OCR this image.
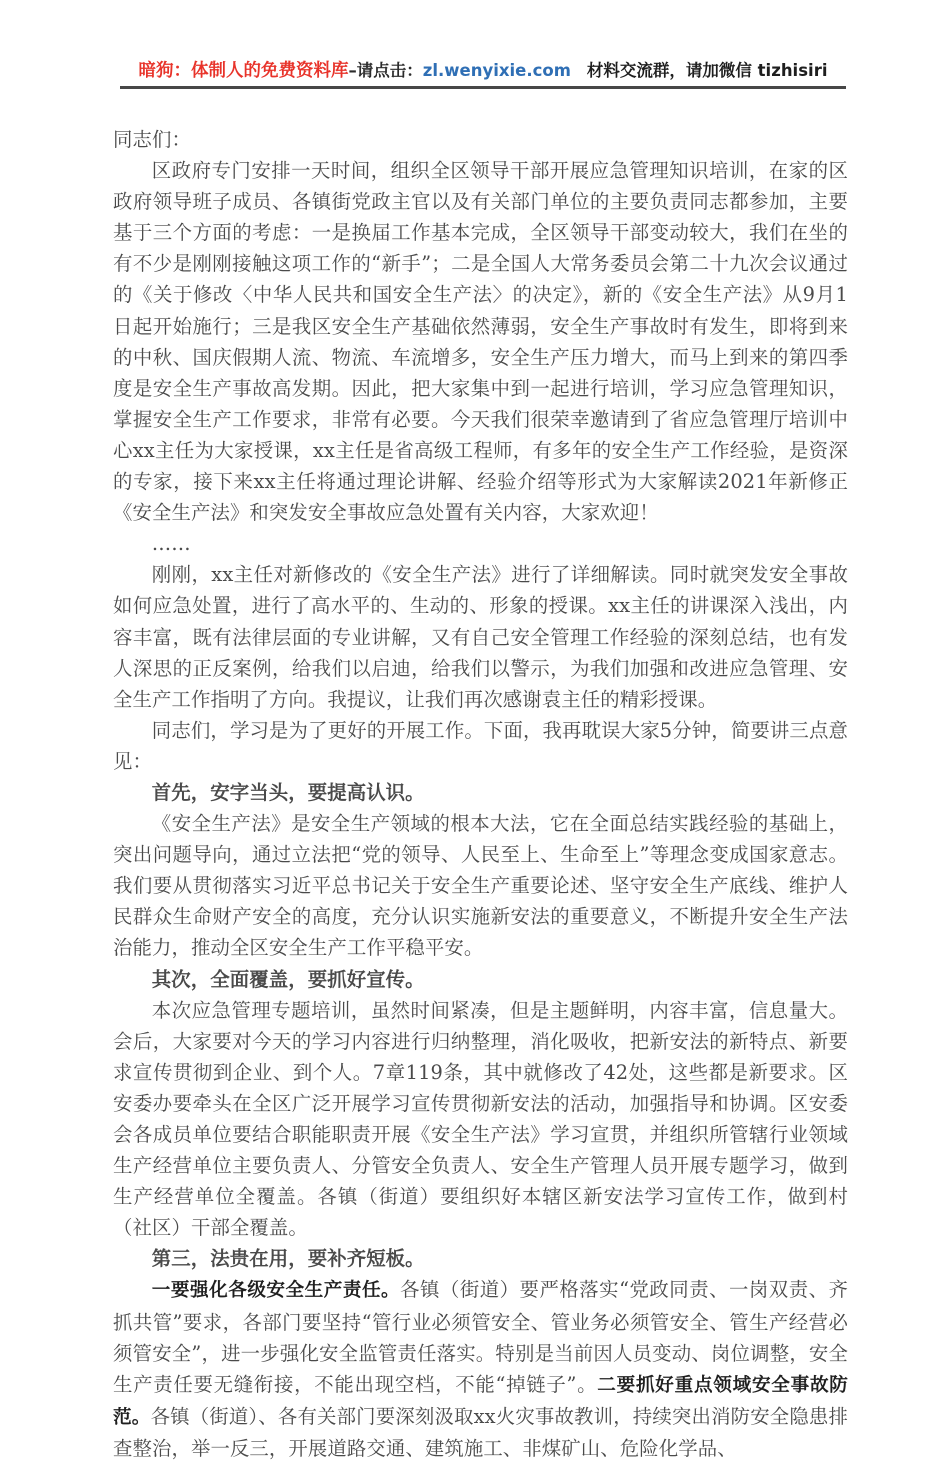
暗狗：体制人的免费资料库–请点击：zl.wenyixie.com 材料交流群，请加微信 tizhisiri

同志们：

区政府专门安排一天时间，组织全区领导干部开展应急管理知识培训，在家的区政府领导班子成员、各镇街党政主官以及有关部门单位的主要负责同志都参加，主要基于三个方面的考虑：一是换届工作基本完成，全区领导干部变动较大，我们在坐的有不少是刚刚接触这项工作的“新手”；二是全国人大常务委员会第二十九次会议通过的《关于修改〈中华人民共和国安全生产法〉的决定》，新的《安全生产法》从9月1日起开始施行；三是我区安全生产基础依然薄弱，安全生产事故时有发生，即将到来的中秋、国庆假期人流、物流、车流增多，安全生产压力增大，而马上到来的第四季度是安全生产事故高发期。因此，把大家集中到一起进行培训，学习应急管理知识，掌握安全生产工作要求，非常有必要。今天我们很荣幸邀请到了省应急管理厅培训中心xx主任为大家授课，xx主任是省高级工程师，有多年的安全生产工作经验，是资深的专家，接下来xx主任将通过理论讲解、经验介绍等形式为大家解读2021年新修正《安全生产法》和突发安全事故应急处置有关内容，大家欢迎！

……

刚刚，xx主任对新修改的《安全生产法》进行了详细解读。同时就突发安全事故如何应急处置，进行了高水平的、生动的、形象的授课。xx主任的讲课深入浅出，内容丰富，既有法律层面的专业讲解，又有自己安全管理工作经验的深刻总结，也有发人深思的正反案例，给我们以启迪，给我们以警示，为我们加强和改进应急管理、安全生产工作指明了方向。我提议，让我们再次感谢袁主任的精彩授课。

同志们，学习是为了更好的开展工作。下面，我再耽误大家5分钟，简要讲三点意见：

首先，安字当头，要提高认识。

《安全生产法》是安全生产领域的根本大法，它在全面总结实践经验的基础上，突出问题导向，通过立法把“党的领导、人民至上、生命至上”等理念变成国家意志。我们要从贯彻落实习近平总书记关于安全生产重要论述、坚守安全生产底线、维护人民群众生命财产安全的高度，充分认识实施新安法的重要意义，不断提升安全生产法治能力，推动全区安全生产工作平稳平安。

其次，全面覆盖，要抓好宣传。

本次应急管理专题培训，虽然时间紧凑，但是主题鲜明，内容丰富，信息量大。会后，大家要对今天的学习内容进行归纳整理，消化吸收，把新安法的新特点、新要求宣传贯彻到企业、到个人。7章119条，其中就修改了42处，这些都是新要求。区安委办要牵头在全区广泛开展学习宣传贯彻新安法的活动，加强指导和协调。区安委会各成员单位要结合职能职责开展《安全生产法》学习宣贯，并组织所管辖行业领域生产经营单位主要负责人、分管安全负责人、安全生产管理人员开展专题学习，做到生产经营单位全覆盖。各镇（街道）要组织好本辖区新安法学习宣传工作，做到村（社区）干部全覆盖。

第三，法贵在用，要补齐短板。

一要强化各级安全生产责任。各镇（街道）要严格落实“党政同责、一岗双责、齐抓共管”要求，各部门要坚持“管行业必须管安全、管业务必须管安全、管生产经营必须管安全”，进一步强化安全监管责任落实。特别是当前因人员变动、岗位调整，安全生产责任要无缝衔接，不能出现空档，不能“掉链子”。二要抓好重点领域安全事故防范。各镇（街道）、各有关部门要深刻汲取xx火灾事故教训，持续突出消防安全隐患排查整治，举一反三，开展道路交通、建筑施工、非煤矿山、危险化学品、
